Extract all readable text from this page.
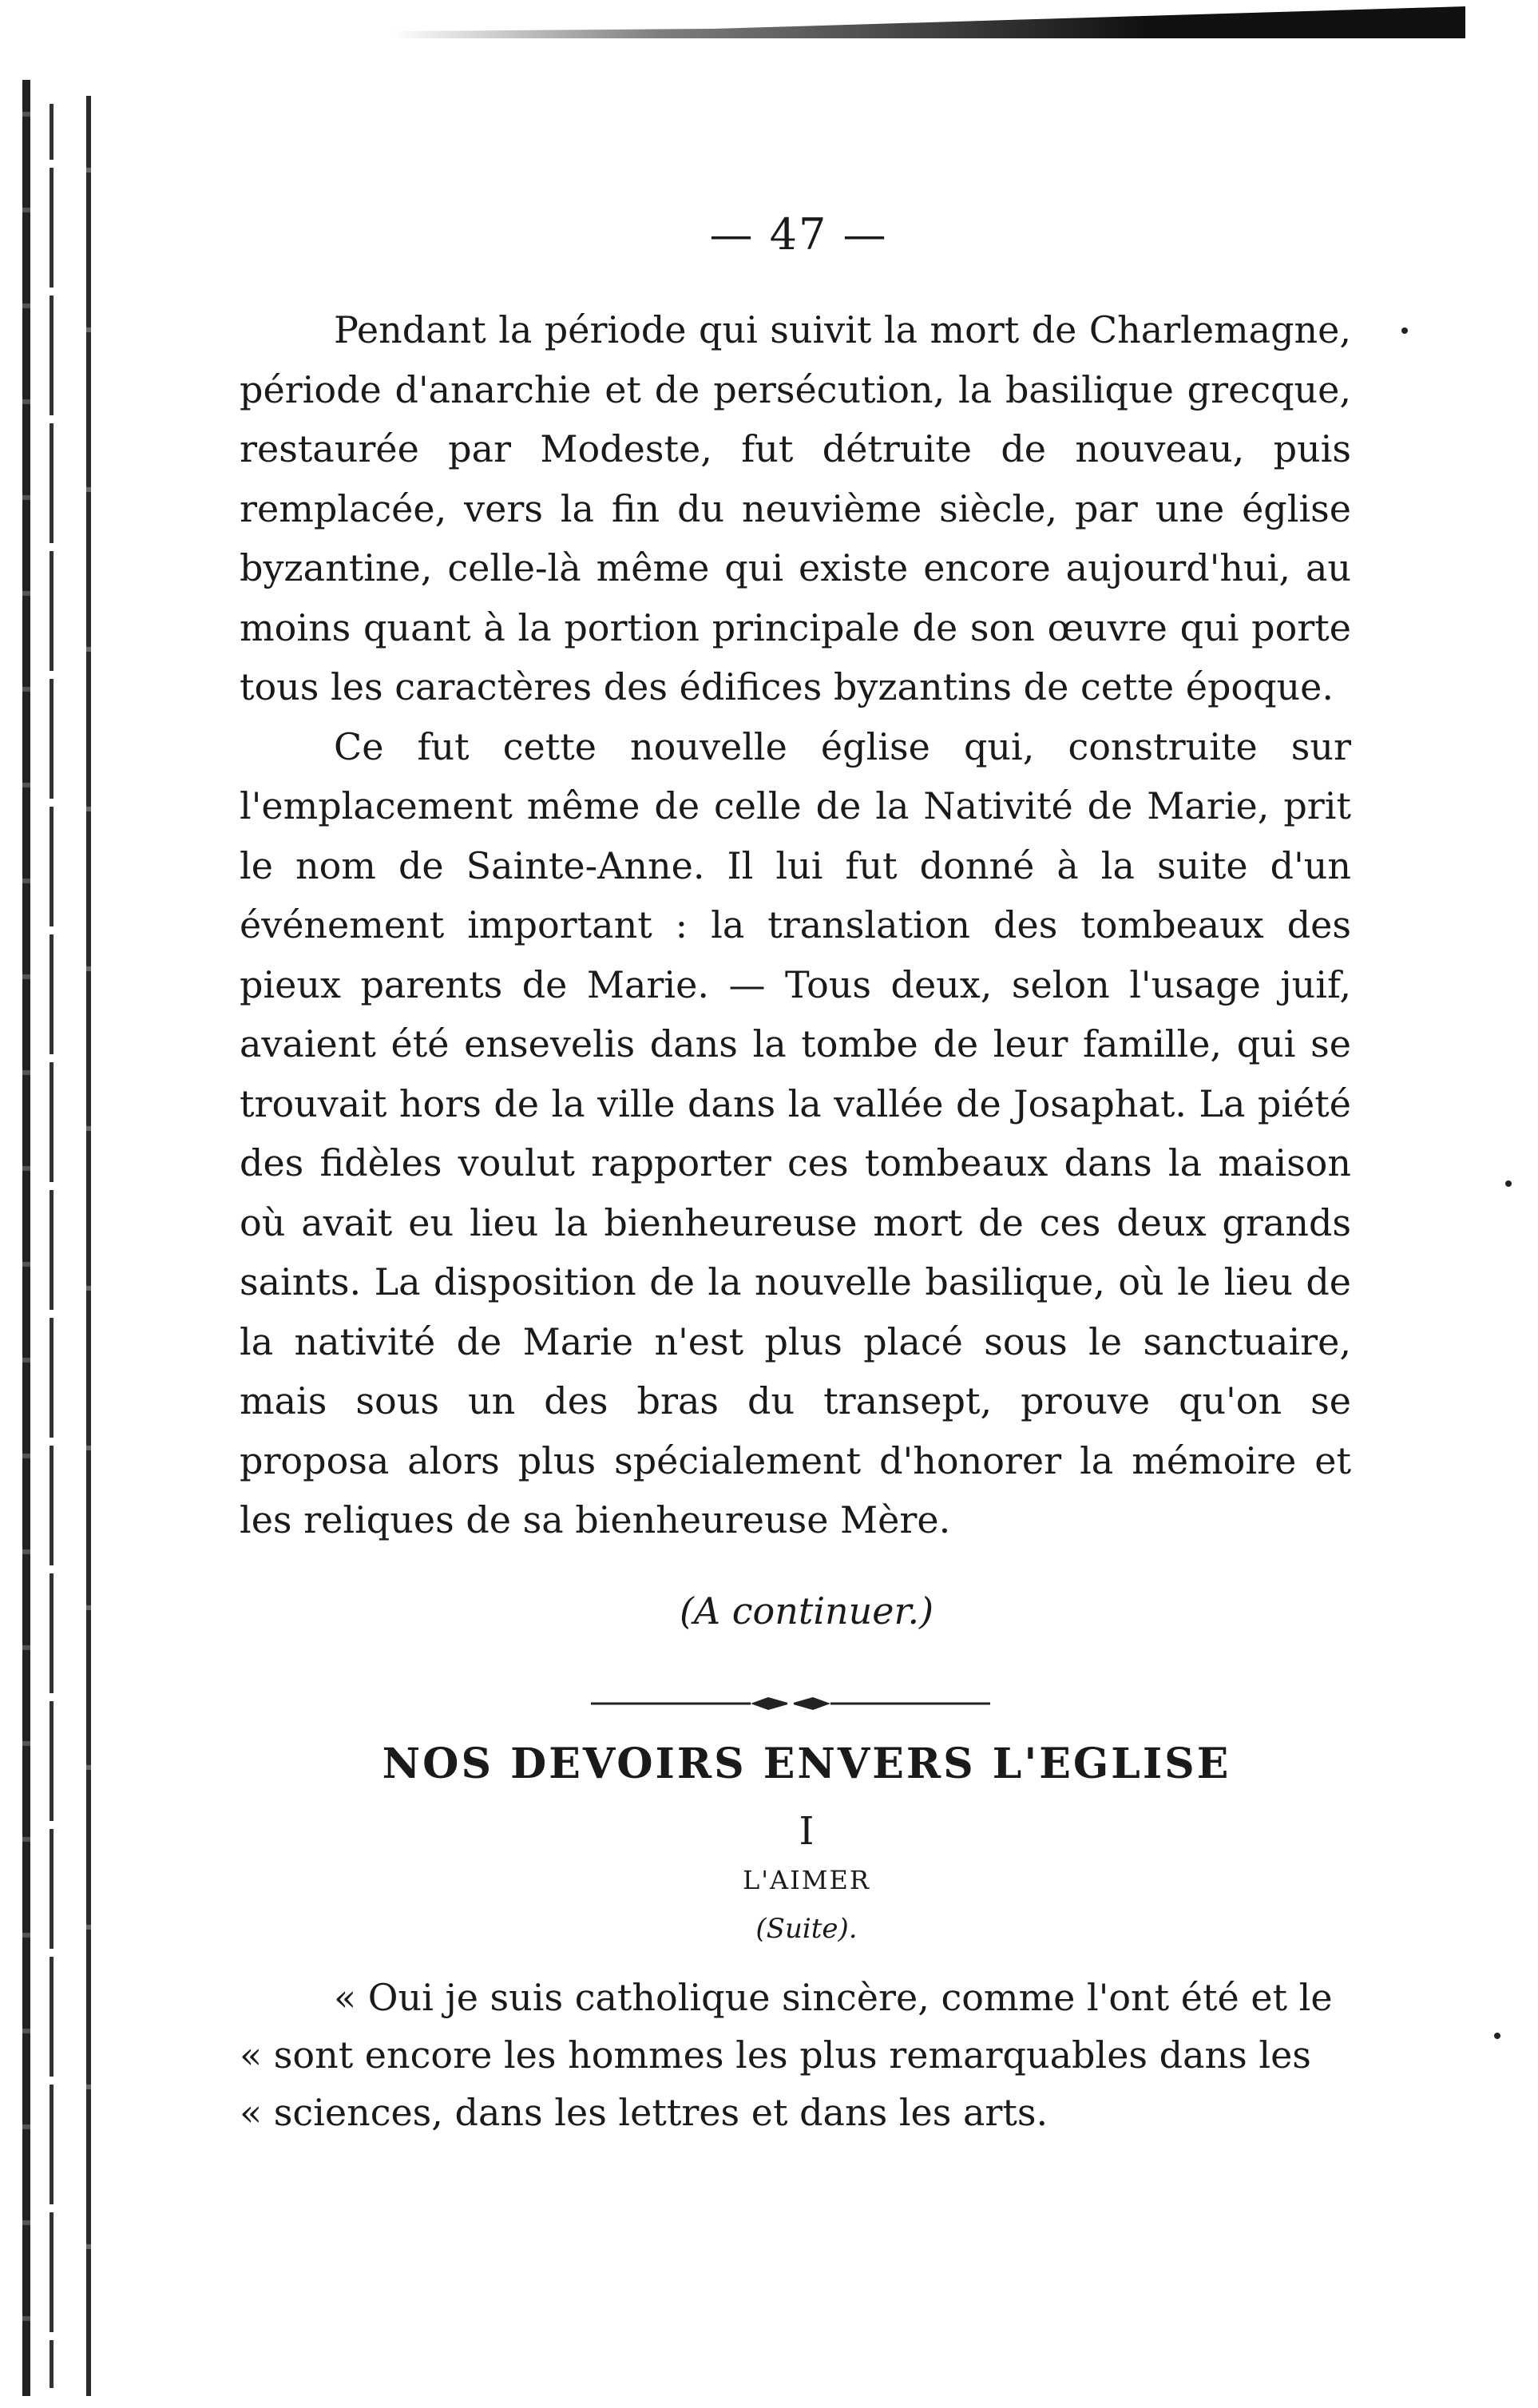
— 47 —

Pendant la période qui suivit la mort de Charlemagne, période d'anarchie et de persécution, la basilique grecque, restaurée par Modeste, fut détruite de nouveau, puis remplacée, vers la fin du neuvième siècle, par une église byzantine, celle-là même qui existe encore aujourd'hui, au moins quant à la portion principale de son œuvre qui porte tous les caractères des édifices byzantins de cette époque.

Ce fut cette nouvelle église qui, construite sur l'emplacement même de celle de la Nativité de Marie, prit le nom de Sainte-Anne. Il lui fut donné à la suite d'un événement important : la translation des tombeaux des pieux parents de Marie. — Tous deux, selon l'usage juif, avaient été ensevelis dans la tombe de leur famille, qui se trouvait hors de la ville dans la vallée de Josaphat. La piété des fidèles voulut rapporter ces tombeaux dans la maison où avait eu lieu la bienheureuse mort de ces deux grands saints. La disposition de la nouvelle basilique, où le lieu de la nativité de Marie n'est plus placé sous le sanctuaire, mais sous un des bras du transept, prouve qu'on se proposa alors plus spécialement d'honorer la mémoire et les reliques de sa bienheureuse Mère.

(A continuer.)
NOS DEVOIRS ENVERS L'EGLISE
I
L'AIMER
(Suite).
« Oui je suis catholique sincère, comme l'ont été et le
« sont encore les hommes les plus remarquables dans les
« sciences, dans les lettres et dans les arts.
